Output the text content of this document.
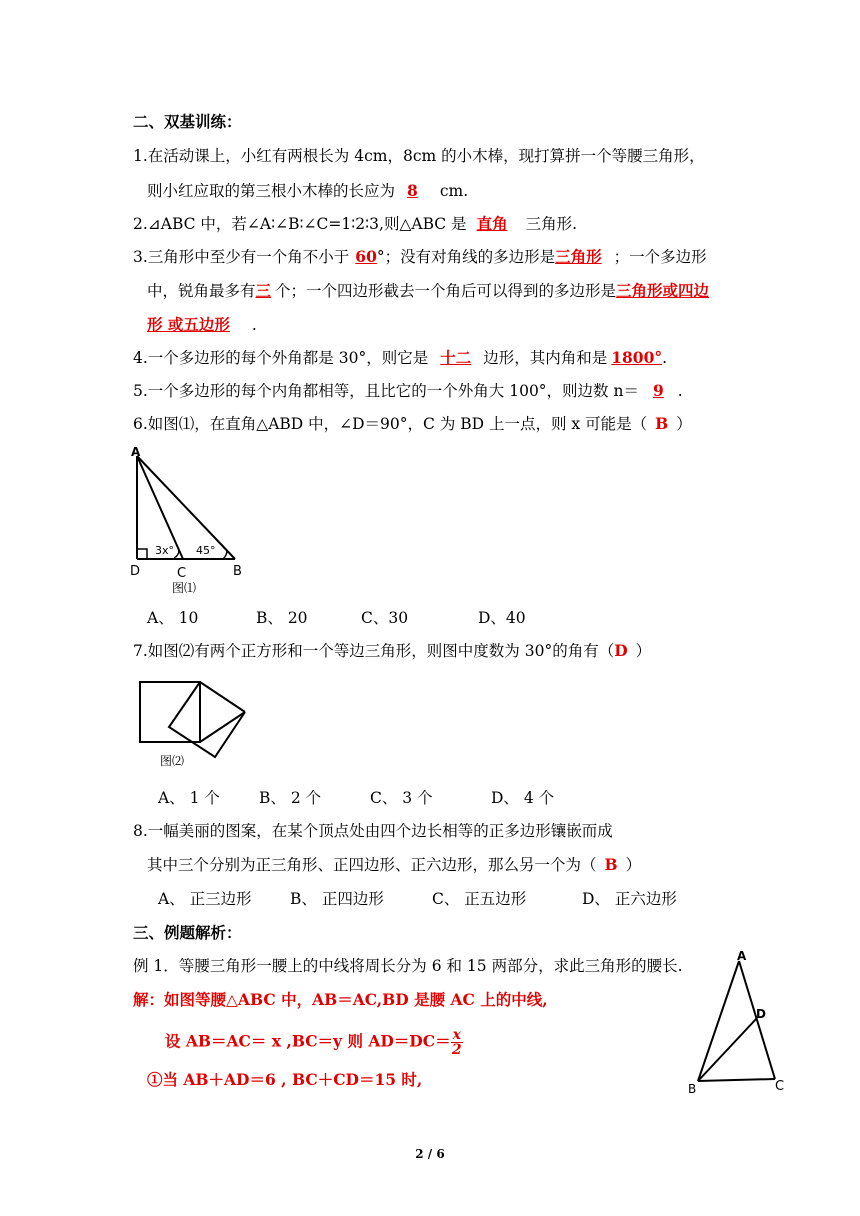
二、双基训练：
1.在活动课上，小红有两根长为 4cm，8cm 的小木棒，现打算拼一个等腰三角形，
则小红应取的第三根小木棒的长应为 8 cm.
2.⊿ABC 中，若∠A∶∠B∶∠C=1∶2∶3,则△ABC 是 直角 三角形.
3.三角形中至少有一个角不小于 60°；没有对角线的多边形是三角形 ；一个多边形
中，锐角最多有三 个；一个四边形截去一个角后可以得到的多边形是三角形或四边
形 或五边形 .
4.一个多边形的每个外角都是 30°，则它是 十二 边形，其内角和是 1800°.
5.一个多边形的每个内角都相等，且比它的一个外角大 100°，则边数 n＝ 9 .
6.如图⑴，在直角△ABD 中，∠D＝90°，C 为 BD 上一点，则 x 可能是（ B ）
A
D	C	B
3x° 45°
图⑴
A、 10	B、 20	C、30	D、40
7.如图⑵有两个正方形和一个等边三角形，则图中度数为 30°的角有（D ）
图⑵
A、 1 个	B、 2 个	C、 3 个	D、 4 个
8.一幅美丽的图案，在某个顶点处由四个边长相等的正多边形镶嵌而成
其中三个分别为正三角形、正四边形、正六边形，那么另一个为（ B ）
A、 正三边形 B、 正四边形	C、 正五边形	D、 正六边形
三、例题解析：
例 1．等腰三角形一腰上的中线将周长分为 6 和 15 两部分，求此三角形的腰长.
解：如图等腰△ABC 中，AB＝AC,BD 是腰 AC 上的中线,
设 AB＝AC＝ x ,BC＝y 则 $AD=DC= \frac{x}{2}$
①当 AB＋AD＝6 , BC＋CD＝15 时,
A
D
B	C
2 / 6
